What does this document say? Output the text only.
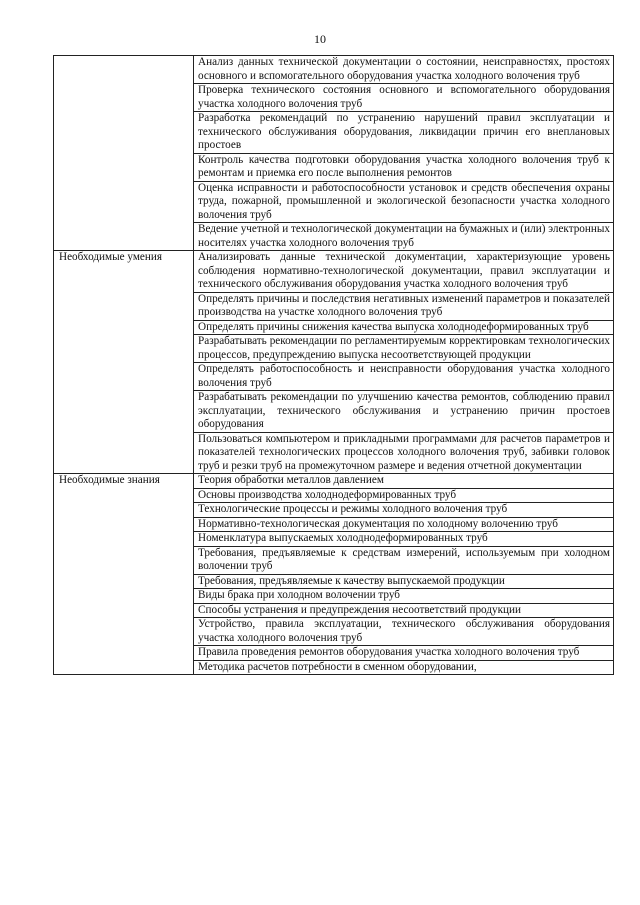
10
	Анализ данных технической документации о состоянии, неисправностях, простоях основного и вспомогательного оборудования участка холодного волочения труб
	Проверка технического состояния основного и вспомогательного оборудования участка холодного волочения труб
	Разработка рекомендаций по устранению нарушений правил эксплуатации и технического обслуживания оборудования, ликвидации причин его внеплановых простоев
	Контроль качества подготовки оборудования участка холодного волочения труб к ремонтам и приемка его после выполнения ремонтов
	Оценка исправности и работоспособности установок и средств обеспечения охраны труда, пожарной, промышленной и экологической безопасности участка холодного волочения труб
	Ведение учетной и технологической документации на бумажных и (или) электронных носителях участка холодного волочения труб
Необходимые умения	Анализировать данные технической документации, характеризующие уровень соблюдения нормативно-технологической документации, правил эксплуатации и технического обслуживания оборудования участка холодного волочения труб
	Определять причины и последствия негативных изменений параметров и показателей производства на участке холодного волочения труб
	Определять причины снижения качества выпуска холоднодеформированных труб
	Разрабатывать рекомендации по регламентируемым корректировкам технологических процессов, предупреждению выпуска несоответствующей продукции
	Определять работоспособность и неисправности оборудования участка холодного волочения труб
	Разрабатывать рекомендации по улучшению качества ремонтов, соблюдению правил эксплуатации, технического обслуживания и устранению причин простоев оборудования
	Пользоваться компьютером и прикладными программами для расчетов параметров и показателей технологических процессов холодного волочения труб, забивки головок труб и резки труб на промежуточном размере и ведения отчетной документации
Необходимые знания	Теория обработки металлов давлением
	Основы производства холоднодеформированных труб
	Технологические процессы и режимы холодного волочения труб
	Нормативно-технологическая документация по холодному волочению труб
	Номенклатура выпускаемых холоднодеформированных труб
	Требования, предъявляемые к средствам измерений, используемым при холодном волочении труб
	Требования, предъявляемые к качеству выпускаемой продукции
	Виды брака при холодном волочении труб
	Способы устранения и предупреждения несоответствий продукции
	Устройство, правила эксплуатации, технического обслуживания оборудования участка холодного волочения труб
	Правила проведения ремонтов оборудования участка холодного волочения труб
	Методика расчетов потребности в сменном оборудовании,
